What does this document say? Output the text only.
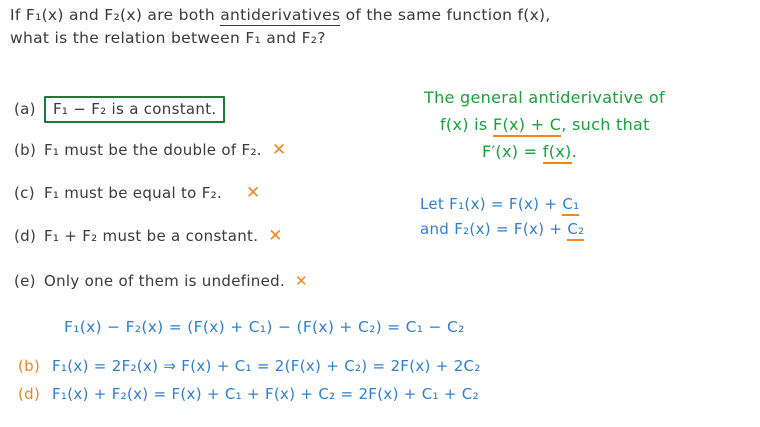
If F₁(x) and F₂(x) are both antiderivatives of the same function f(x),
what is the relation between F₁ and F₂?
(a) F₁ − F₂ is a constant.
(b) F₁ must be the double of F₂. ✕
(c) F₁ must be equal to F₂. ✕
(d) F₁ + F₂ must be a constant. ✕
(e) Only one of them is undefined. ✕
The general antiderivative of
f(x) is F(x) + C, such that
F′(x) = f(x).
Let F₁(x) = F(x) + C₁
and F₂(x) = F(x) + C₂
F₁(x) − F₂(x) = (F(x) + C₁) − (F(x) + C₂) = C₁ − C₂
(b) F₁(x) = 2F₂(x) ⇒ F(x) + C₁ = 2(F(x) + C₂) = 2F(x) + 2C₂
(d) F₁(x) + F₂(x) = F(x) + C₁ + F(x) + C₂ = 2F(x) + C₁ + C₂
